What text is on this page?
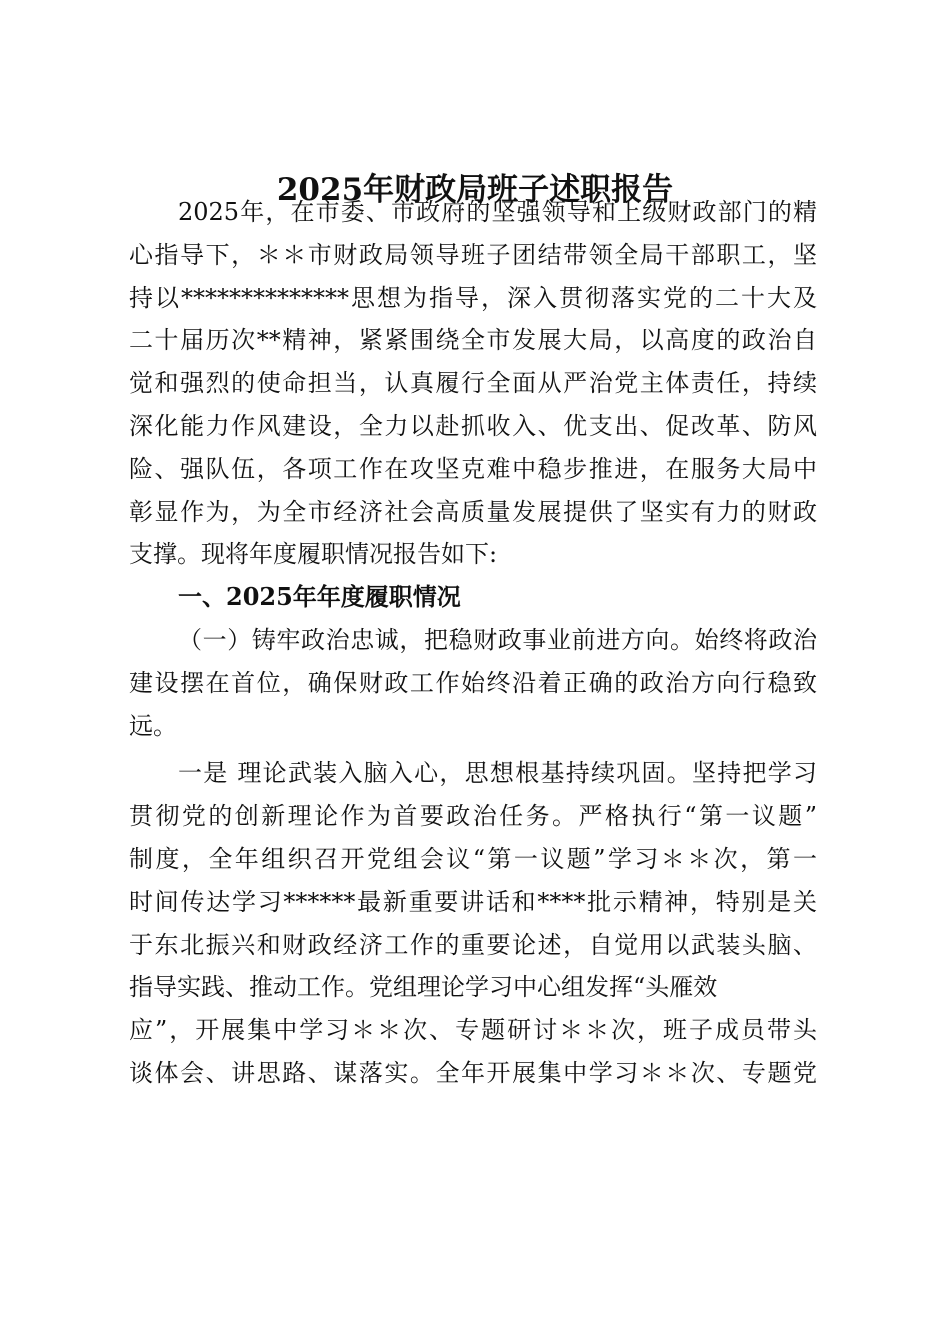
2025年财政局班子述职报告
2025年，在市委、市政府的坚强领导和上级财政部门的精
心指导下，＊＊市财政局领导班子团结带领全局干部职工，坚
持以**************思想为指导，深入贯彻落实党的二十大及
二十届历次**精神，紧紧围绕全市发展大局，以高度的政治自
觉和强烈的使命担当，认真履行全面从严治党主体责任，持续
深化能力作风建设，全力以赴抓收入、优支出、促改革、防风
险、强队伍，各项工作在攻坚克难中稳步推进，在服务大局中
彰显作为，为全市经济社会高质量发展提供了坚实有力的财政
支撑。现将年度履职情况报告如下:
一、2025年年度履职情况
（一）铸牢政治忠诚，把稳财政事业前进方向。始终将政治
建设摆在首位，确保财政工作始终沿着正确的政治方向行稳致
远。
一是 理论武装入脑入心，思想根基持续巩固。坚持把学习
贯彻党的创新理论作为首要政治任务。严格执行“第一议题”
制度，全年组织召开党组会议“第一议题”学习＊＊次，第一
时间传达学习******最新重要讲话和****批示精神，特别是关
于东北振兴和财政经济工作的重要论述，自觉用以武装头脑、
指导实践、推动工作。党组理论学习中心组发挥“头雁效
应”，开展集中学习＊＊次、专题研讨＊＊次，班子成员带头
谈体会、讲思路、谋落实。全年开展集中学习＊＊次、专题党
